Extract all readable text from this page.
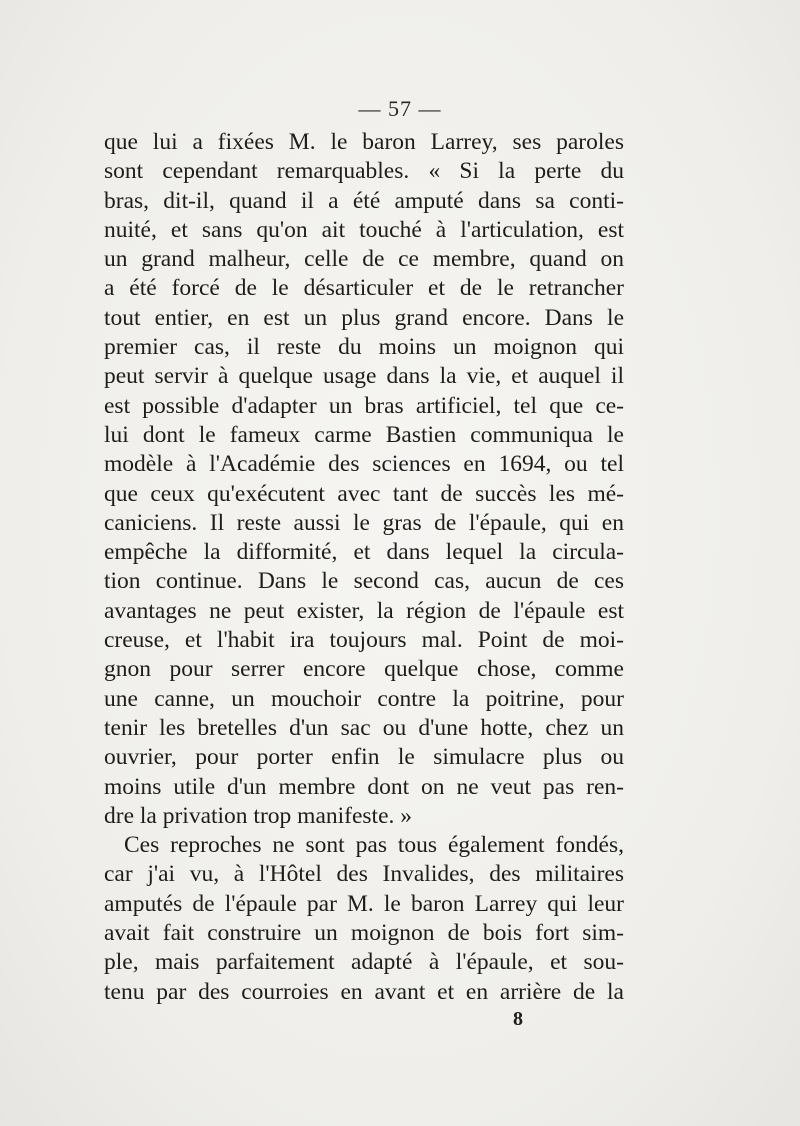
— 57 —
que lui a fixées M. le baron Larrey, ses paroles
sont cependant remarquables. « Si la perte du
bras, dit-il, quand il a été amputé dans sa conti-
nuité, et sans qu'on ait touché à l'articulation, est
un grand malheur, celle de ce membre, quand on
a été forcé de le désarticuler et de le retrancher
tout entier, en est un plus grand encore. Dans le
premier cas, il reste du moins un moignon qui
peut servir à quelque usage dans la vie, et auquel il
est possible d'adapter un bras artificiel, tel que ce-
lui dont le fameux carme Bastien communiqua le
modèle à l'Académie des sciences en 1694, ou tel
que ceux qu'exécutent avec tant de succès les mé-
caniciens. Il reste aussi le gras de l'épaule, qui en
empêche la difformité, et dans lequel la circula-
tion continue. Dans le second cas, aucun de ces
avantages ne peut exister, la région de l'épaule est
creuse, et l'habit ira toujours mal. Point de moi-
gnon pour serrer encore quelque chose, comme
une canne, un mouchoir contre la poitrine, pour
tenir les bretelles d'un sac ou d'une hotte, chez un
ouvrier, pour porter enfin le simulacre plus ou
moins utile d'un membre dont on ne veut pas ren-
dre la privation trop manifeste. »
Ces reproches ne sont pas tous également fondés,
car j'ai vu, à l'Hôtel des Invalides, des militaires
amputés de l'épaule par M. le baron Larrey qui leur
avait fait construire un moignon de bois fort sim-
ple, mais parfaitement adapté à l'épaule, et sou-
tenu par des courroies en avant et en arrière de la
8
